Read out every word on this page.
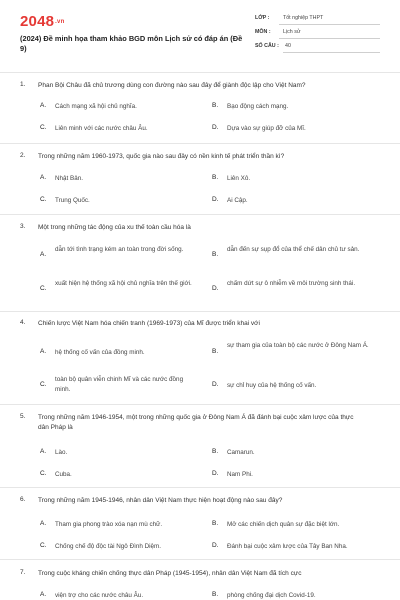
2048.vn
(2024) Đề minh họa tham khảo BGD môn Lịch sử có đáp án (Đề 9)
LỚP :	Tốt nghiệp THPT
MÔN : Lịch sử
SỐ CÂU : 40
1. Phan Bội Châu đã chủ trương dùng con đường nào sau đây để giành độc lập cho Việt Nam?
A. Cách mạng xã hội chủ nghĩa.	B. Bạo động cách mạng.
C. Liên minh với các nước châu Âu.	D. Dựa vào sự giúp đỡ của Mĩ.
2. Trong những năm 1960-1973, quốc gia nào sau đây có nền kinh tế phát triển thần kì?
A. Nhật Bản.	B. Liên Xô.
C. Trung Quốc.	D. Ai Cập.
3. Một trong những tác động của xu thế toàn cầu hóa là
A.
dẫn tới tình trạng kém an toàn trong đời sống.
B.
dẫn đến sự sụp đổ của thể chế dân chủ tư sản.
C.
xuất hiện hệ thống xã hội chủ nghĩa trên thế giới.
D.
chấm dứt sự ô nhiễm về môi trường sinh thái.
4. Chiến lược Việt Nam hóa chiến tranh (1969-1973) của Mĩ được triển khai với
A. hệ thống cố vấn của đồng minh.	B.
sự tham gia của toàn bộ các nước ở Đông Nam Á.
C.
toàn bộ quân viễn chinh Mĩ và các nước đồng minh.
D. sự chỉ huy của hệ thống cố vấn.
5. Trong những năm 1946-1954, một trong những quốc gia ở Đông Nam Á đã đánh bại cuộc xâm lược của thực dân Pháp là
A. Lào.	B. Camarun.
C. Cuba.	D. Nam Phi.
6. Trong những năm 1945-1946, nhân dân Việt Nam thực hiện hoạt động nào sau đây?
A. Tham gia phong trào xóa nạn mù chữ.	B. Mở các chiến dịch quân sự đặc biệt lớn.
C. Chống chế độ độc tài Ngô Đình Diệm.	D. Đánh bại cuộc xâm lược của Tây Ban Nha.
7. Trong cuộc kháng chiến chống thực dân Pháp (1945-1954), nhân dân Việt Nam đã tích cực
A. viện trợ cho các nước châu Âu.	B. phòng chống đại dịch Covid-19.
